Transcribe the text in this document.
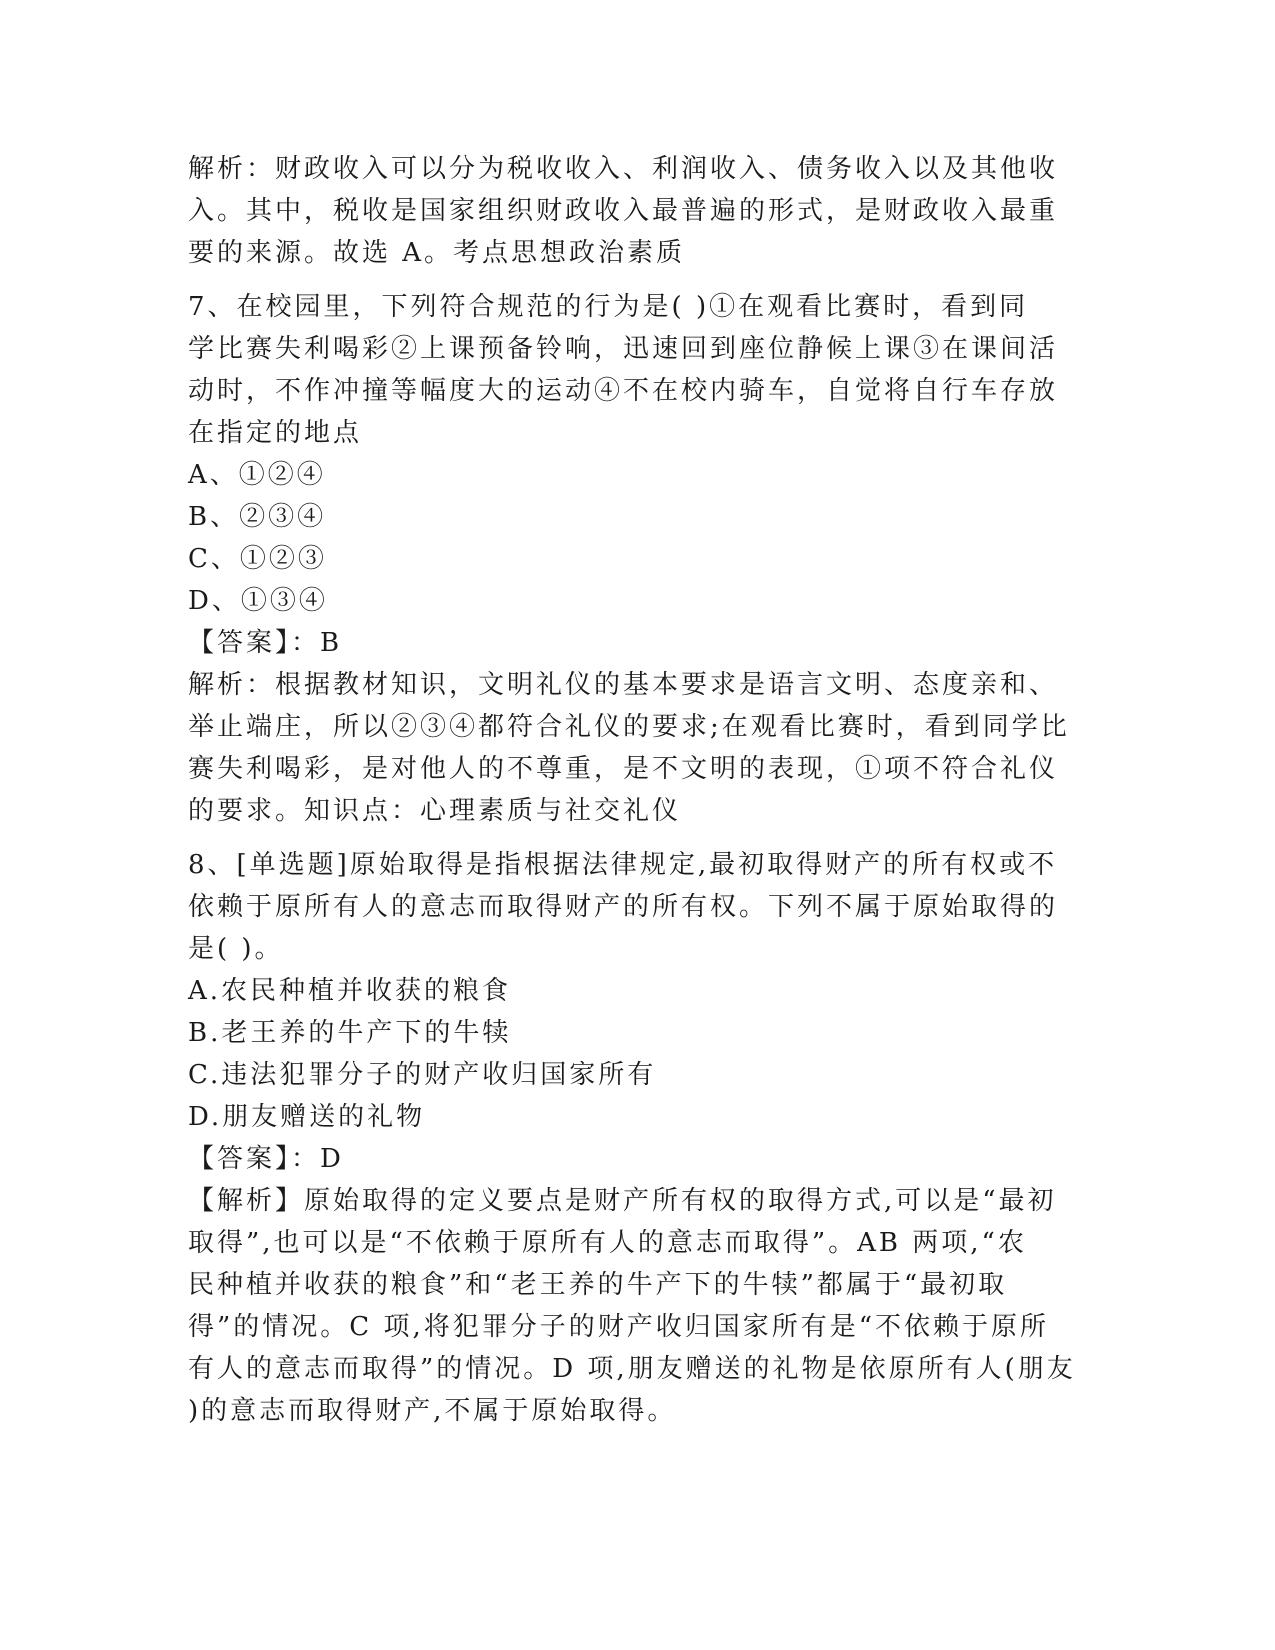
解析：财政收入可以分为税收收入、利润收入、债务收入以及其他收
入。其中，税收是国家组织财政收入最普遍的形式，是财政收入最重
要的来源。故选 A。考点思想政治素质
7、在校园里，下列符合规范的行为是( )①在观看比赛时，看到同
学比赛失利喝彩②上课预备铃响，迅速回到座位静候上课③在课间活
动时，不作冲撞等幅度大的运动④不在校内骑车，自觉将自行车存放
在指定的地点
A、①②④
B、②③④
C、①②③
D、①③④
【答案】：B
解析：根据教材知识，文明礼仪的基本要求是语言文明、态度亲和、
举止端庄，所以②③④都符合礼仪的要求;在观看比赛时，看到同学比
赛失利喝彩，是对他人的不尊重，是不文明的表现，①项不符合礼仪
的要求。知识点：心理素质与社交礼仪
8、[单选题]原始取得是指根据法律规定,最初取得财产的所有权或不
依赖于原所有人的意志而取得财产的所有权。下列不属于原始取得的
是( )。
A.农民种植并收获的粮食
B.老王养的牛产下的牛犊
C.违法犯罪分子的财产收归国家所有
D.朋友赠送的礼物
【答案】：D
【解析】原始取得的定义要点是财产所有权的取得方式,可以是“最初
取得”,也可以是“不依赖于原所有人的意志而取得”。AB 两项,“农
民种植并收获的粮食”和“老王养的牛产下的牛犊”都属于“最初取
得”的情况。C 项,将犯罪分子的财产收归国家所有是“不依赖于原所
有人的意志而取得”的情况。D 项,朋友赠送的礼物是依原所有人(朋友
)的意志而取得财产,不属于原始取得。
